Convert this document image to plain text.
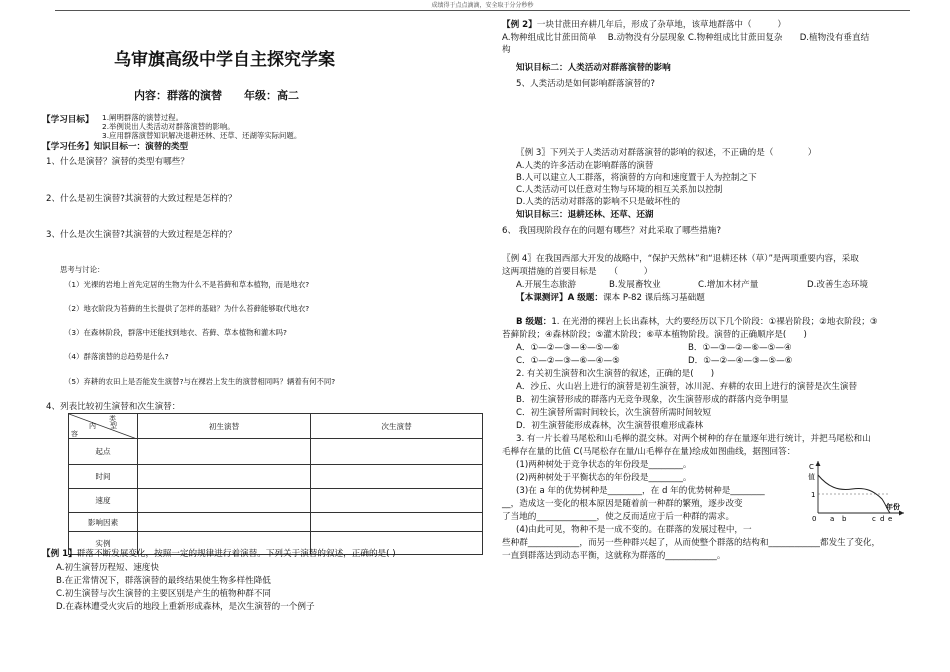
成绩得于点点滴滴，安全取于分分秒秒
乌审旗高级中学自主探究学案
内容：群落的演替 年级：高二
【学习目标】 1.阐明群落的演替过程。
2.举例说出人类活动对群落演替的影响。
3.应用群落演替知识解决退耕还林、还草、还湖等实际问题。
【学习任务】知识目标一：演替的类型
1、什么是演替？演替的类型有哪些？
2、什么是初生演替?其演替的大致过程是怎样的？
3、什么是次生演替?其演替的大致过程是怎样的？
思考与讨论：
（1）光裸的岩地上首先定居的生物为什么不是苔藓和草本植物，而是地衣?
（2）地衣阶段为苔藓的生长提供了怎样的基础？为什么苔藓能够取代地衣?
（3）在森林阶段，群落中还能找到地衣、苔藓、草本植物和灌木吗?
（4）群落演替的总趋势是什么?
（5）弃耕的农田上是否能发生演替?与在裸岩上发生的演替相同吗？辆着有何不同?
4、列表比较初生演替和次生演替：
类
内　　型
容	初生演替	次生演替
起点		
时间		
速度		
影响因素		
实例		
【例 1】群落不断发展变化，按照一定的规律进行着演替。下列关于演替的叙述，正确的是( )
A.初生演替历程短、速度快
B.在正常情况下，群落演替的最终结果使生物多样性降低
C.初生演替与次生演替的主要区别是产生的植物种群不同
D.在森林遭受火灾后的地段上重新形成森林，是次生演替的一个例子
【例 2】一块甘蔗田弃耕几年后，形成了杂草地，该草地群落中（　　　）
A.物种组成比甘蔗田简单　 B.动物没有分层现象 C.物种组成比甘蔗田复杂　　D.植物没有垂直结
构
知识目标二：人类活动对群落演替的影响
5、人类活动是如何影响群落演替的?
〖例 3〗下列关于人类活动对群落演替的影响的叙述，不正确的是（　　　　）
A.人类的许多活动在影响群落的演替
B.人可以建立人工群落，将演替的方向和速度置于人为控制之下
C.人类活动可以任意对生物与环境的相互关系加以控制
D.人类的活动对群落的影响不只是破坏性的
知识目标三：退耕还林、还草、还湖
6、 我国现阶段存在的问题有哪些？对此采取了哪些措施?
〖例 4〗在我国西部大开发的战略中，“保护天然林”和“退耕还林（草）”是两项重要内容，采取
这两项措施的首要目标是　　（　　　）
A.开展生态旅游	B.发展畜牧业	C.增加木材产量	D.改善生态环境
【本课测评】A 级题：课本 P-82 课后练习基础题
B 级题：1. 在光滑的裸岩上长出森林，大约要经历以下几个阶段：①裸岩阶段；②地衣阶段；③
苔藓阶段；④森林阶段；⑤灌木阶段；⑥草本植物阶段。演替的正确顺序是(　　)
A．①—②—③—④—⑤—⑥	B．①—③—②—⑥—⑤—④
C．①—②—③—⑥—④—⑤	D．①—②—④—③—⑤—⑥
2. 有关初生演替和次生演替的叙述，正确的是(　　)
A．沙丘、火山岩上进行的演替是初生演替，冰川泥、弃耕的农田上进行的演替是次生演替
B．初生演替形成的群落内无竞争现象，次生演替形成的群落内竞争明显
C．初生演替所需时间较长，次生演替所需时间较短
D．初生演替能形成森林，次生演替很难形成森林
3. 有一片长着马尾松和山毛榉的混交林。对两个树种的存在量逐年进行统计，并把马尾松和山
毛榉存在量的比值 C(马尾松存在量/山毛榉存在量)绘成如图曲线，据图回答：
(1)两种树处于竞争状态的年份段是________。
(2)两种树处于平衡状态的年份段是________。
(3)在 a 年的优势树种是________，在 d 年的优势树种是________
__，造成这一变化的根本原因是随着前一种群的繁殖，逐步改变
了当地的______________，使之反而适应于后一种群的需求。
(4)由此可见，物种不是一成不变的。在群落的发展过程中，一
些种群____________，而另一些种群兴起了，从而使整个群落的结构和____________都发生了变化，
一直到群落达到动态平衡，这就称为群落的____________。
C
值
1
0 a b	c d e
年份
